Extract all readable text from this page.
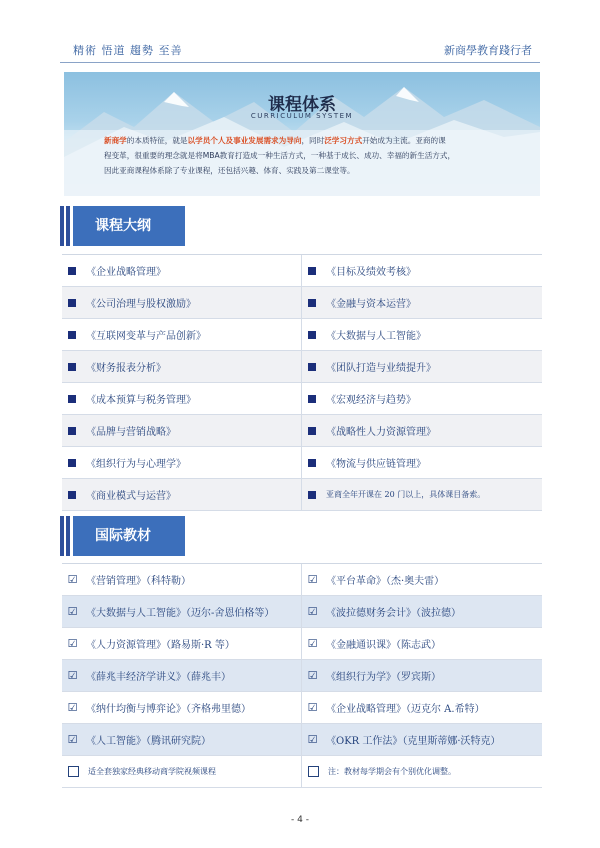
精術 悟道 趨勢 至善	新商學教育踐行者
课程体系
CURRICULUM SYSTEM
新商学的本质特征，就是以学员个人及事业发展需求为导向，同时泛学习方式开始成为主流。亚商的课
程变革，很重要的理念就是将MBA教育打造成一种生活方式，一种基于成长、成功、幸福的新生活方式，
因此亚商课程体系除了专业课程，还包括兴趣、体育、实践及第二课堂等。
课程大纲
《企业战略管理》	《目标及绩效考核》
《公司治理与股权激励》	《金融与资本运营》
《互联网变革与产品创新》	《大数据与人工智能》
《财务报表分析》	《团队打造与业绩提升》
《成本预算与税务管理》	《宏观经济与趋势》
《品牌与营销战略》	《战略性人力资源管理》
《组织行为与心理学》	《物流与供应链管理》
《商业模式与运营》	亚商全年开课在 20 门以上，具体课目备索。
国际教材
☑ 《营销管理》（科特勒）	☑ 《平台革命》（杰·奥夫雷）
☑ 《大数据与人工智能》（迈尔-舍恩伯格等）	☑ 《波拉德财务会计》（波拉德）
☑ 《人力资源管理》（路易斯·R 等）	☑ 《金融通识课》（陈志武）
☑ 《薛兆丰经济学讲义》（薛兆丰）	☑ 《组织行为学》（罗宾斯）
☑ 《纳什均衡与博弈论》（齐格弗里德）	☑ 《企业战略管理》（迈克尔 A.希特）
☑ 《人工智能》（腾讯研究院）	☑ 《OKR 工作法》（克里斯蒂娜·沃特克）
适全套独家经典移动商学院视频课程	注：教材每学期会有个别优化调整。
- 4 -
